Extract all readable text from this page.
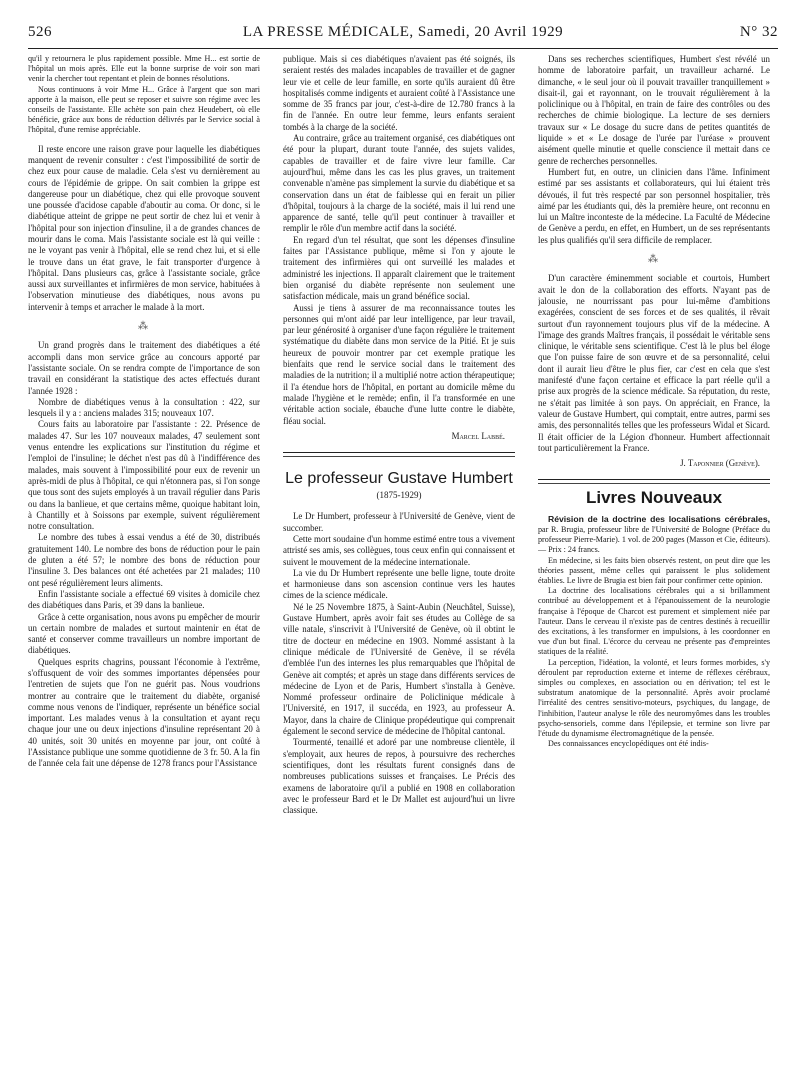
526	LA PRESSE MÉDICALE, Samedi, 20 Avril 1929	N° 32

qu'il y retournera le plus rapidement possible. Mme H... est sortie de l'hôpital un mois après. Elle eut la bonne surprise de voir son mari venir la chercher tout repentant et plein de bonnes résolutions.

Nous continuons à voir Mme H... Grâce à l'argent que son mari apporte à la maison, elle peut se reposer et suivre son régime avec les conseils de l'assistante. Elle achète son pain chez Heudebert, où elle bénéficie, grâce aux bons de réduction délivrés par le Service social à l'hôpital, d'une remise appréciable.

Il reste encore une raison grave pour laquelle les diabétiques manquent de revenir consulter : c'est l'impossibilité de sortir de chez eux pour cause de maladie. Cela s'est vu dernièrement au cours de l'épidémie de grippe. On sait combien la grippe est dangereuse pour un diabétique, chez qui elle provoque souvent une poussée d'acidose capable d'aboutir au coma. Or donc, si le diabétique atteint de grippe ne peut sortir de chez lui et venir à l'hôpital pour son injection d'insuline, il a de grandes chances de mourir dans le coma. Mais l'assistante sociale est là qui veille : ne le voyant pas venir à l'hôpital, elle se rend chez lui, et si elle le trouve dans un état grave, le fait transporter d'urgence à l'hôpital. Dans plusieurs cas, grâce à l'assistante sociale, grâce aussi aux surveillantes et infirmières de mon service, habituées à l'observation minutieuse des diabétiques, nous avons pu intervenir à temps et arracher le malade à la mort.

⁂

Un grand progrès dans le traitement des diabétiques a été accompli dans mon service grâce au concours apporté par l'assistante sociale. On se rendra compte de l'importance de son travail en considérant la statistique des actes effectués durant l'année 1928 :

Nombre de diabétiques venus à la consultation : 422, sur lesquels il y a : anciens malades 315; nouveaux 107.

Cours faits au laboratoire par l'assistante : 22. Présence de malades 47. Sur les 107 nouveaux malades, 47 seulement sont venus entendre les explications sur l'institution du régime et l'emploi de l'insuline; le déchet n'est pas dû à l'indifférence des malades, mais souvent à l'impossibilité pour eux de revenir un après-midi de plus à l'hôpital, ce qui n'étonnera pas, si l'on songe que tous sont des sujets employés à un travail régulier dans Paris ou dans la banlieue, et que certains même, quoique habitant loin, à Chantilly et à Soissons par exemple, suivent régulièrement notre consultation.

Le nombre des tubes à essai vendus a été de 30, distribués gratuitement 140. Le nombre des bons de réduction pour le pain de gluten a été 57; le nombre des bons de réduction pour l'insuline 3. Des balances ont été achetées par 21 malades; 110 ont pesé régulièrement leurs aliments.

Enfin l'assistante sociale a effectué 69 visites à domicile chez des diabétiques dans Paris, et 39 dans la banlieue.

Grâce à cette organisation, nous avons pu empêcher de mourir un certain nombre de malades et surtout maintenir en état de santé et conserver comme travailleurs un nombre important de diabétiques.

Quelques esprits chagrins, poussant l'économie à l'extrême, s'offusquent de voir des sommes importantes dépensées pour l'entretien de sujets que l'on ne guérit pas. Nous voudrions montrer au contraire que le traitement du diabète, organisé comme nous venons de l'indiquer, représente un bénéfice social important. Les malades venus à la consultation et ayant reçu chaque jour une ou deux injections d'insuline représentant 20 à 40 unités, soit 30 unités en moyenne par jour, ont coûté à l'Assistance publique une somme quotidienne de 3 fr. 50. A la fin de l'année cela fait une dépense de 1278 francs pour l'Assistance

publique. Mais si ces diabétiques n'avaient pas été soignés, ils seraient restés des malades incapables de travailler et de gagner leur vie et celle de leur famille, en sorte qu'ils auraient dû être hospitalisés comme indigents et auraient coûté à l'Assistance une somme de 35 francs par jour, c'est-à-dire de 12.780 francs à la fin de l'année. En outre leur femme, leurs enfants seraient tombés à la charge de la société.

Au contraire, grâce au traitement organisé, ces diabétiques ont été pour la plupart, durant toute l'année, des sujets valides, capables de travailler et de faire vivre leur famille. Car aujourd'hui, même dans les cas les plus graves, un traitement convenable n'amène pas simplement la survie du diabétique et sa conservation dans un état de faiblesse qui en ferait un pilier d'hôpital, toujours à la charge de la société, mais il lui rend une apparence de santé, telle qu'il peut continuer à travailler et remplir le rôle d'un membre actif dans la société.

En regard d'un tel résultat, que sont les dépenses d'insuline faites par l'Assistance publique, même si l'on y ajoute le traitement des infirmières qui ont surveillé les malades et administré les injections. Il apparaît clairement que le traitement bien organisé du diabète représente non seulement une satisfaction médicale, mais un grand bénéfice social.

Aussi je tiens à assurer de ma reconnaissance toutes les personnes qui m'ont aidé par leur intelligence, par leur travail, par leur générosité à organiser d'une façon régulière le traitement systématique du diabète dans mon service de la Pitié. Et je suis heureux de pouvoir montrer par cet exemple pratique les bienfaits que rend le service social dans le traitement des maladies de la nutrition; il a multiplié notre action thérapeutique; il l'a étendue hors de l'hôpital, en portant au domicile même du malade l'hygiène et le remède; enfin, il l'a transformée en une véritable action sociale, ébauche d'une lutte contre le diabète, fléau social.

Marcel Labbé.
Le professeur Gustave Humbert
(1875-1929)

Le Dr Humbert, professeur à l'Université de Genève, vient de succomber.

Cette mort soudaine d'un homme estimé entre tous a vivement attristé ses amis, ses collègues, tous ceux enfin qui connaissent et suivent le mouvement de la médecine internationale.

La vie du Dr Humbert représente une belle ligne, toute droite et harmonieuse dans son ascension continue vers les hautes cimes de la science médicale.

Né le 25 Novembre 1875, à Saint-Aubin (Neuchâtel, Suisse), Gustave Humbert, après avoir fait ses études au Collège de sa ville natale, s'inscrivit à l'Université de Genève, où il obtint le titre de docteur en médecine en 1903. Nommé assistant à la clinique médicale de l'Université de Genève, il se révéla d'emblée l'un des internes les plus remarquables que l'hôpital de Genève ait comptés; et après un stage dans différents services de médecine de Lyon et de Paris, Humbert s'installa à Genève. Nommé professeur ordinaire de Policlinique médicale à l'Université, en 1917, il succéda, en 1923, au professeur A. Mayor, dans la chaire de Clinique propédeutique qui comprenait également le second service de médecine de l'hôpital cantonal.

Tourmenté, tenaillé et adoré par une nombreuse clientèle, il s'employait, aux heures de repos, à poursuivre des recherches scientifiques, dont les résultats furent consignés dans de nombreuses publications suisses et françaises. Le Précis des examens de laboratoire qu'il a publié en 1908 en collaboration avec le professeur Bard et le Dr Mallet est aujourd'hui un livre classique.

Dans ses recherches scientifiques, Humbert s'est révélé un homme de laboratoire parfait, un travailleur acharné. Le dimanche, « le seul jour où il pouvait travailler tranquillement » disait-il, gai et rayonnant, on le trouvait régulièrement à la policlinique ou à l'hôpital, en train de faire des contrôles ou des recherches de chimie biologique. La lecture de ses derniers travaux sur « Le dosage du sucre dans de petites quantités de liquide » et « Le dosage de l'urée par l'uréase » prouvent aisément quelle minutie et quelle conscience il mettait dans ce genre de recherches personnelles.

Humbert fut, en outre, un clinicien dans l'âme. Infiniment estimé par ses assistants et collaborateurs, qui lui étaient très dévoués, il fut très respecté par son personnel hospitalier, très aimé par les étudiants qui, dès la première heure, ont reconnu en lui un Maître inconteste de la médecine. La Faculté de Médecine de Genève a perdu, en effet, en Humbert, un de ses représentants les plus qualifiés qu'il sera difficile de remplacer.

⁂

D'un caractère éminemment sociable et courtois, Humbert avait le don de la collaboration des efforts. N'ayant pas de jalousie, ne nourrissant pas pour lui-même d'ambitions exagérées, conscient de ses forces et de ses qualités, il rêvait surtout d'un rayonnement toujours plus vif de la médecine. A l'image des grands Maîtres français, il possédait le véritable sens clinique, le véritable sens scientifique. C'est là le plus bel éloge que l'on puisse faire de son œuvre et de sa personnalité, celui dont il aurait lieu d'être le plus fier, car c'est en cela que s'est manifesté d'une façon certaine et efficace la part réelle qu'il a prise aux progrès de la science médicale. Sa réputation, du reste, ne s'était pas limitée à son pays. On appréciait, en France, la valeur de Gustave Humbert, qui comptait, entre autres, parmi ses amis, des personnalités telles que les professeurs Widal et Sicard. Il était officier de la Légion d'honneur. Humbert affectionnait tout particulièrement la France.

J. Taponnier (Genève).
Livres Nouveaux

Révision de la doctrine des localisations cérébrales, par R. Brugia, professeur libre de l'Université de Bologne (Préface du professeur Pierre-Marie). 1 vol. de 200 pages (Masson et Cie, éditeurs). — Prix : 24 francs.

En médecine, si les faits bien observés restent, on peut dire que les théories passent, même celles qui paraissent le plus solidement établies. Le livre de Brugia est bien fait pour confirmer cette opinion.

La doctrine des localisations cérébrales qui a si brillamment contribué au développement et à l'épanouissement de la neurologie française à l'époque de Charcot est purement et simplement niée par l'auteur. Dans le cerveau il n'existe pas de centres destinés à recueillir des excitations, à les transformer en impulsions, à les coordonner en vue d'un but final. L'écorce du cerveau ne présente pas d'empreintes statiques de la réalité.

La perception, l'idéation, la volonté, et leurs formes morbides, s'y déroulent par reproduction externe et interne de réflexes cérébraux, simples ou complexes, en association ou en dérivation; tel est le substratum anatomique de la personnalité. Après avoir proclamé l'irréalité des centres sensitivo-moteurs, psychiques, du langage, de l'inhibition, l'auteur analyse le rôle des neuromyômes dans les troubles psycho-sensoriels, comme dans l'épilepsie, et termine son livre par l'étude du dynamisme électromagnétique de la pensée.

Des connaissances encyclopédiques ont été indis-
